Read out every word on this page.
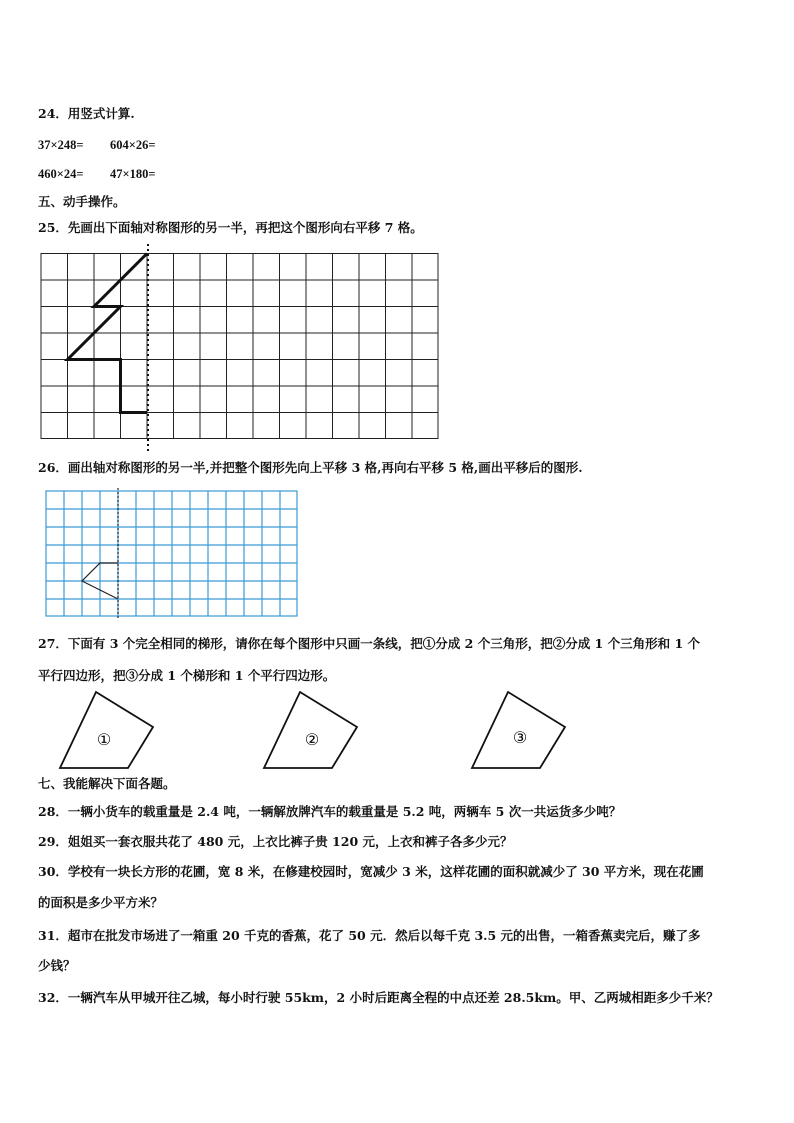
24．用竖式计算.
37×248= 604×26=
460×24= 47×180=
五、动手操作。
25．先画出下面轴对称图形的另一半，再把这个图形向右平移 7 格。
26．画出轴对称图形的另一半,并把整个图形先向上平移 3 格,再向右平移 5 格,画出平移后的图形.
27．下面有 3 个完全相同的梯形，请你在每个图形中只画一条线，把①分成 2 个三角形，把②分成 1 个三角形和 1 个
平行四边形，把③分成 1 个梯形和 1 个平行四边形。
①	②	③
七、我能解决下面各题。
28．一辆小货车的载重量是 2.4 吨，一辆解放牌汽车的载重量是 5.2 吨，两辆车 5 次一共运货多少吨？
29．姐姐买一套衣服共花了 480 元，上衣比裤子贵 120 元，上衣和裤子各多少元？
30．学校有一块长方形的花圃，宽 8 米，在修建校园时，宽减少 3 米，这样花圃的面积就减少了 30 平方米，现在花圃
的面积是多少平方米？
31．超市在批发市场进了一箱重 20 千克的香蕉，花了 50 元．然后以每千克 3.5 元的出售，一箱香蕉卖完后，赚了多
少钱？
32．一辆汽车从甲城开往乙城，每小时行驶 55km，2 小时后距离全程的中点还差 28.5km。甲、乙两城相距多少千米？
